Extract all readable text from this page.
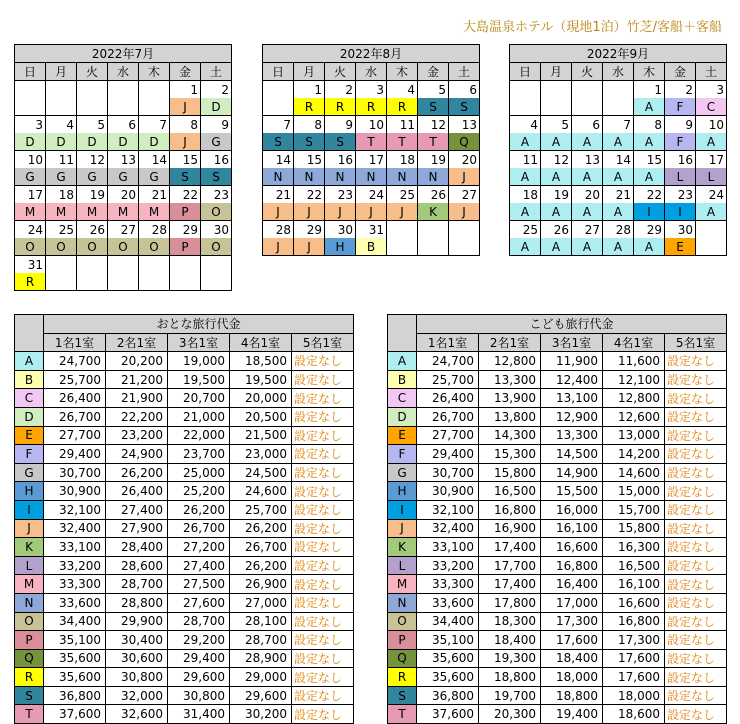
大島温泉ホテル（現地1泊）竹芝/客船＋客船
2022年7月						
日	月	火	水	木	金	土
					1	2
					J	D
3	4	5	6	7	8	9
D	D	D	D	D	J	G
10	11	12	13	14	15	16
G	G	G	G	G	S	S
17	18	19	20	21	22	23
M	M	M	M	M	P	O
24	25	26	27	28	29	30
O	O	O	O	O	P	O
31						
R						
2022年8月						
日	月	火	水	木	金	土
	1	2	3	4	5	6
	R	R	R	R	S	S
7	8	9	10	11	12	13
S	S	S	T	T	T	Q
14	15	16	17	18	19	20
N	N	N	N	N	N	J
21	22	23	24	25	26	27
J	J	J	J	J	K	J
28	29	30	31			
J	J	H	B			
2022年9月						
日	月	火	水	木	金	土
				1	2	3
				A	F	C
4	5	6	7	8	9	10
A	A	A	A	A	F	A
11	12	13	14	15	16	17
A	A	A	A	A	L	L
18	19	20	21	22	23	24
A	A	A	A	I	I	A
25	26	27	28	29	30	
A	A	A	A	A	E	
	おとな旅行代金				
	1名1室	2名1室	3名1室	4名1室	5名1室
A	24,700	20,200	19,000	18,500	設定なし
B	25,700	21,200	19,500	19,500	設定なし
C	26,400	21,900	20,700	20,000	設定なし
D	26,700	22,200	21,000	20,500	設定なし
E	27,700	23,200	22,000	21,500	設定なし
F	29,400	24,900	23,700	23,000	設定なし
G	30,700	26,200	25,000	24,500	設定なし
H	30,900	26,400	25,200	24,600	設定なし
I	32,100	27,400	26,200	25,700	設定なし
J	32,400	27,900	26,700	26,200	設定なし
K	33,100	28,400	27,200	26,700	設定なし
L	33,200	28,600	27,400	26,200	設定なし
M	33,300	28,700	27,500	26,900	設定なし
N	33,600	28,800	27,600	27,000	設定なし
O	34,400	29,900	28,700	28,100	設定なし
P	35,100	30,400	29,200	28,700	設定なし
Q	35,600	30,600	29,400	28,900	設定なし
R	35,600	30,800	29,600	29,000	設定なし
S	36,800	32,000	30,800	29,600	設定なし
T	37,600	32,600	31,400	30,200	設定なし
	こども旅行代金				
	1名1室	2名1室	3名1室	4名1室	5名1室
A	24,700	12,800	11,900	11,600	設定なし
B	25,700	13,300	12,400	12,100	設定なし
C	26,400	13,900	13,100	12,800	設定なし
D	26,700	13,800	12,900	12,600	設定なし
E	27,700	14,300	13,300	13,000	設定なし
F	29,400	15,300	14,500	14,200	設定なし
G	30,700	15,800	14,900	14,600	設定なし
H	30,900	16,500	15,500	15,000	設定なし
I	32,100	16,800	16,000	15,700	設定なし
J	32,400	16,900	16,100	15,800	設定なし
K	33,100	17,400	16,600	16,300	設定なし
L	33,200	17,700	16,800	16,500	設定なし
M	33,300	17,400	16,400	16,100	設定なし
N	33,600	17,800	17,000	16,600	設定なし
O	34,400	18,300	17,300	16,800	設定なし
P	35,100	18,400	17,600	17,300	設定なし
Q	35,600	19,300	18,400	17,600	設定なし
R	35,600	18,800	18,000	17,600	設定なし
S	36,800	19,700	18,800	18,000	設定なし
T	37,600	20,300	19,400	18,600	設定なし
